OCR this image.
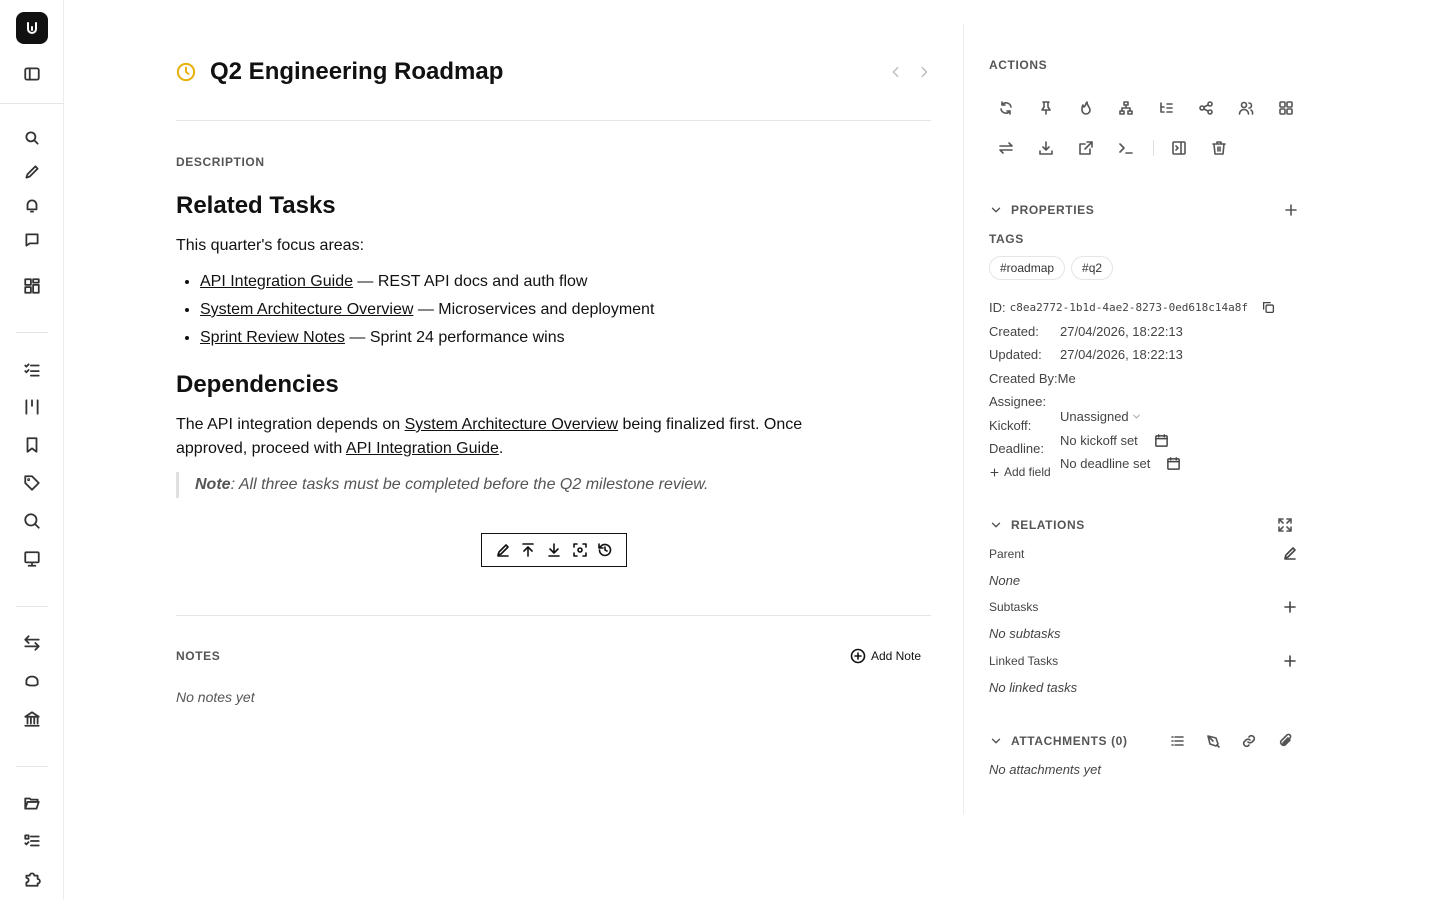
Q2 Engineering Roadmap
DESCRIPTION
Related Tasks
This quarter's focus areas:
• API Integration Guide — REST API docs and auth flow
• System Architecture Overview — Microservices and deployment
• Sprint Review Notes — Sprint 24 performance wins
Dependencies
The API integration depends on System Architecture Overview being finalized first. Once approved, proceed with API Integration Guide.
Note: All three tasks must be completed before the Q2 milestone review.
NOTES	Add Note
No notes yet
ACTIONS
PROPERTIES
TAGS
#roadmap #q2
ID: c8ea2772-1b1d-4ae2-8273-0ed618c14a8f
Created: 27/04/2026, 18:22:13
Updated: 27/04/2026, 18:22:13
Created By:Me
Assignee:
Unassigned
Kickoff:
No kickoff set
Deadline:
No deadline set
Add field
RELATIONS
Parent
None
Subtasks
No subtasks
Linked Tasks
No linked tasks
ATTACHMENTS (0)
No attachments yet
